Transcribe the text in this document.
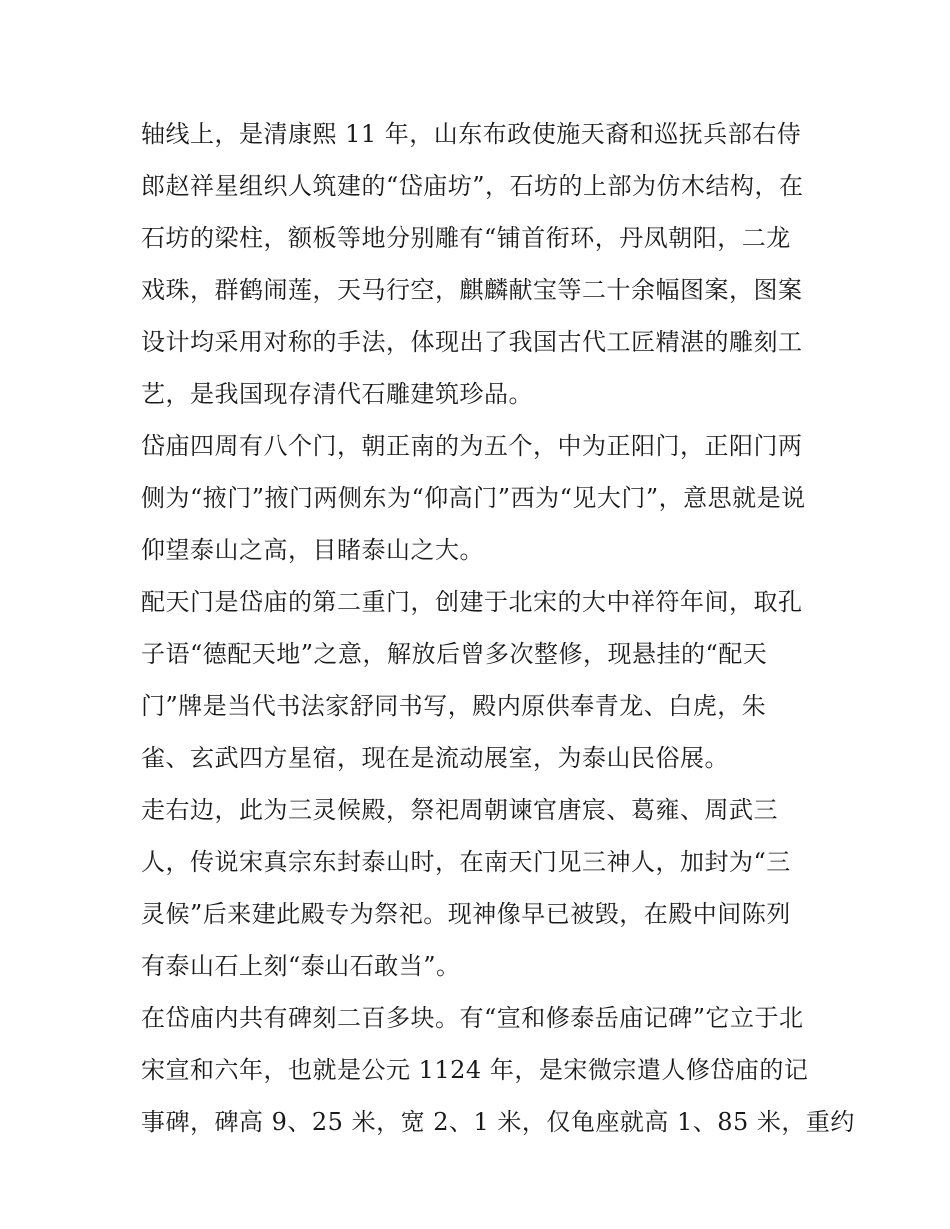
轴线上，是清康熙 11 年，山东布政使施天裔和巡抚兵部右侍
郎赵祥星组织人筑建的“岱庙坊”，石坊的上部为仿木结构，在
石坊的梁柱，额板等地分别雕有“铺首衔环，丹凤朝阳，二龙
戏珠，群鹤闹莲，天马行空，麒麟献宝等二十余幅图案，图案
设计均采用对称的手法，体现出了我国古代工匠精湛的雕刻工
艺，是我国现存清代石雕建筑珍品。
岱庙四周有八个门，朝正南的为五个，中为正阳门，正阳门两
侧为“掖门”掖门两侧东为“仰高门”西为“见大门”，意思就是说
仰望泰山之高，目睹泰山之大。
配天门是岱庙的第二重门，创建于北宋的大中祥符年间，取孔
子语“德配天地”之意，解放后曾多次整修，现悬挂的“配天
门”牌是当代书法家舒同书写，殿内原供奉青龙、白虎，朱
雀、玄武四方星宿，现在是流动展室，为泰山民俗展。
走右边，此为三灵候殿，祭祀周朝谏官唐宸、葛雍、周武三
人，传说宋真宗东封泰山时，在南天门见三神人，加封为“三
灵候”后来建此殿专为祭祀。现神像早已被毁，在殿中间陈列
有泰山石上刻“泰山石敢当”。
在岱庙内共有碑刻二百多块。有“宣和修泰岳庙记碑”它立于北
宋宣和六年，也就是公元 1124 年，是宋微宗遣人修岱庙的记
事碑，碑高 9、25 米，宽 2、1 米，仅龟座就高 1、85 米，重约
